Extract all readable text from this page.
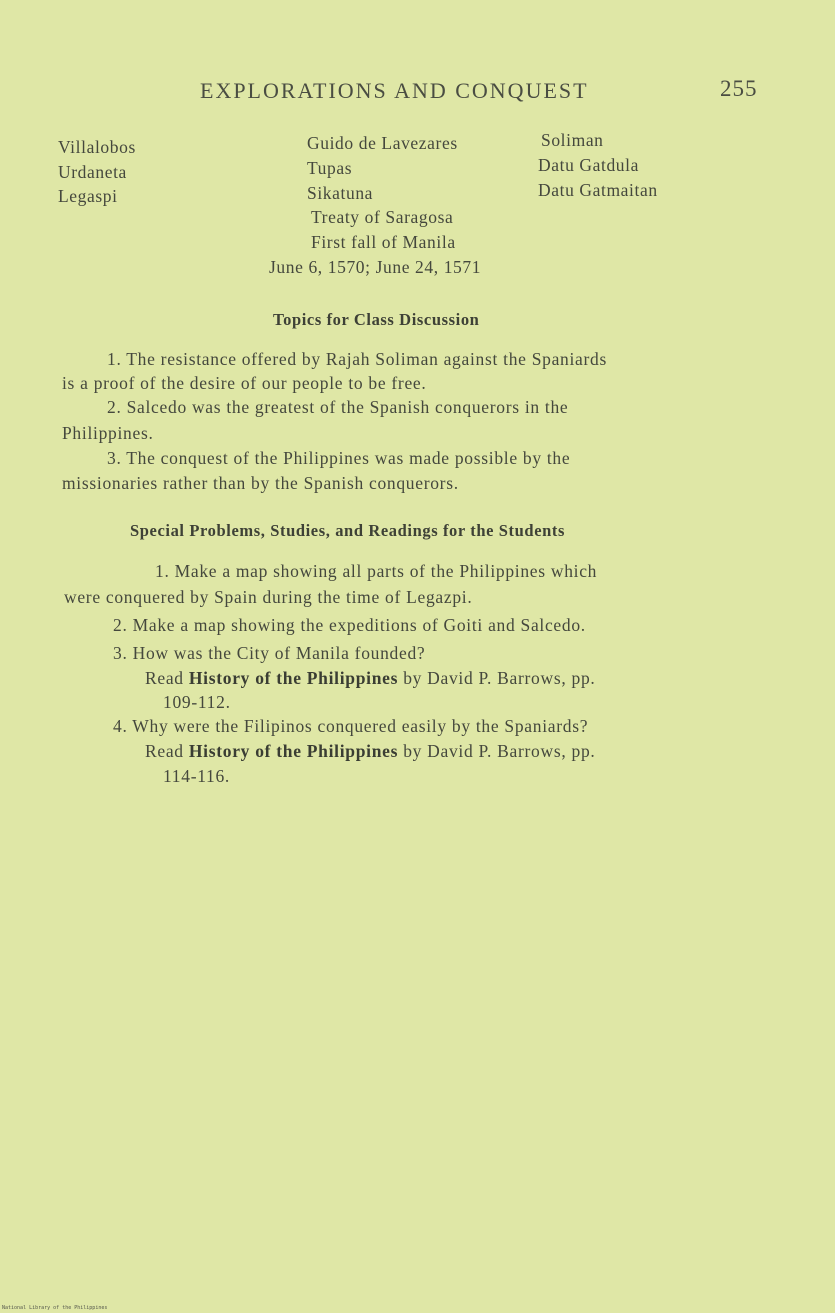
EXPLORATIONS AND CONQUEST	255
Villalobos
Urdaneta
Legaspi
Guido de Lavezares
Tupas
Sikatuna
Treaty of Saragosa
First fall of Manila
June 6, 1570; June 24, 1571
Soliman
Datu Gatdula
Datu Gatmaitan
Topics for Class Discussion
1. The resistance offered by Rajah Soliman against the Spaniards
is a proof of the desire of our people to be free.
2. Salcedo was the greatest of the Spanish conquerors in the
Philippines.
3. The conquest of the Philippines was made possible by the
missionaries rather than by the Spanish conquerors.
Special Problems, Studies, and Readings for the Students
1. Make a map showing all parts of the Philippines which
were conquered by Spain during the time of Legazpi.
2. Make a map showing the expeditions of Goiti and Salcedo.
3. How was the City of Manila founded?
Read History of the Philippines by David P. Barrows, pp.
109-112.
4. Why were the Filipinos conquered easily by the Spaniards?
Read History of the Philippines by David P. Barrows, pp.
114-116.
National Library of the Philippines
